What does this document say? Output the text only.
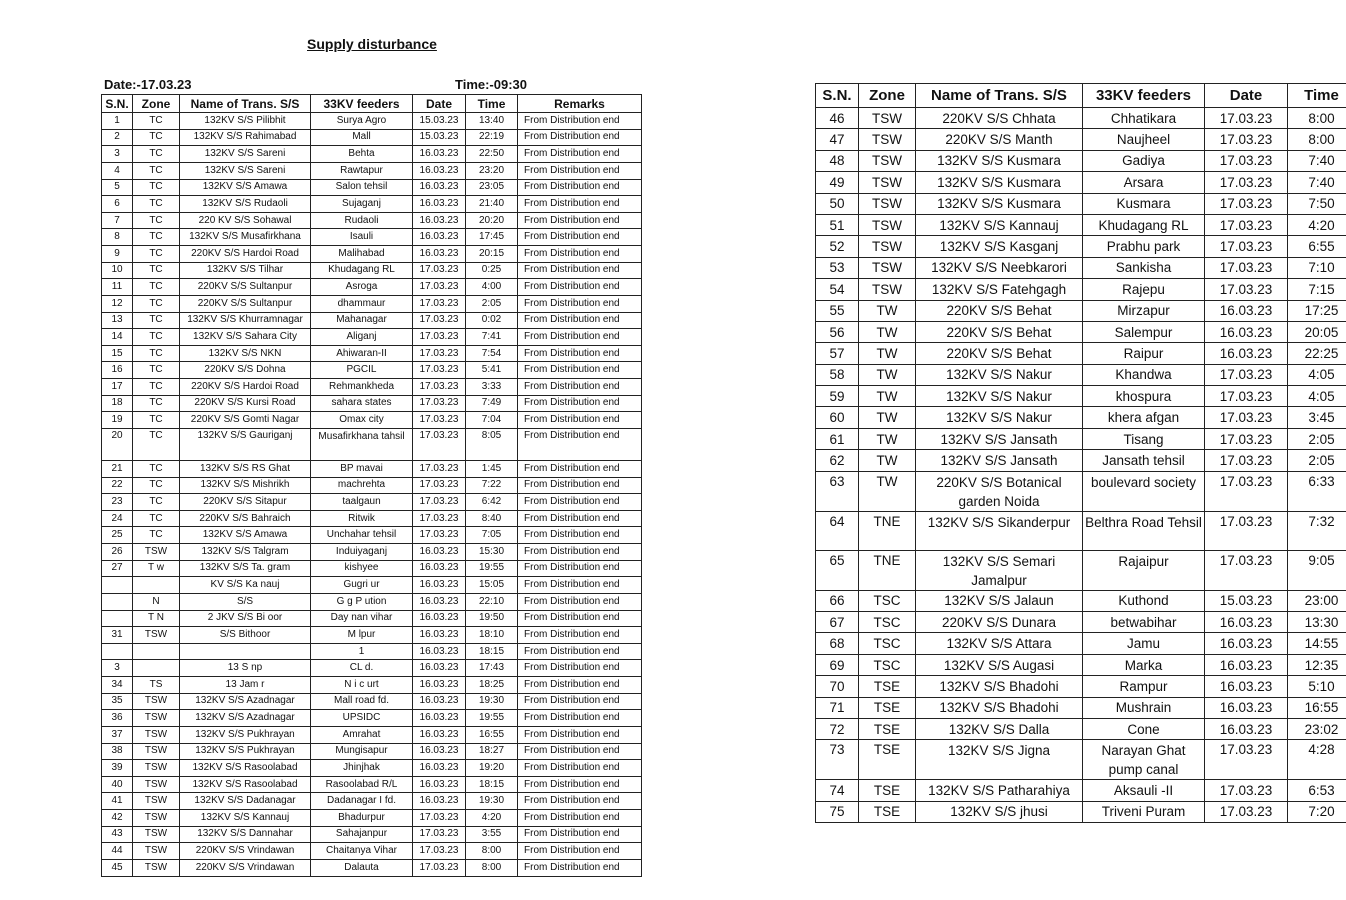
Supply disturbance
Date:-17.03.23	Time:-09:30
S.N.	Zone	Name of Trans. S/S	33KV feeders	Date	Time	Remarks
1	TC	132KV S/S Pilibhit	Surya Agro	15.03.23	13:40	From Distribution end
2	TC	132KV S/S Rahimabad	Mall	15.03.23	22:19	From Distribution end
3	TC	132KV S/S Sareni	Behta	16.03.23	22:50	From Distribution end
4	TC	132KV S/S Sareni	Rawtapur	16.03.23	23:20	From Distribution end
5	TC	132KV S/S Amawa	Salon tehsil	16.03.23	23:05	From Distribution end
6	TC	132KV S/S Rudaoli	Sujaganj	16.03.23	21:40	From Distribution end
7	TC	220 KV S/S Sohawal	Rudaoli	16.03.23	20:20	From Distribution end
8	TC	132KV S/S Musafirkhana	Isauli	16.03.23	17:45	From Distribution end
9	TC	220KV S/S Hardoi Road	Malihabad	16.03.23	20:15	From Distribution end
10	TC	132KV S/S Tilhar	Khudagang RL	17.03.23	0:25	From Distribution end
11	TC	220KV S/S Sultanpur	Asroga	17.03.23	4:00	From Distribution end
12	TC	220KV S/S Sultanpur	dhammaur	17.03.23	2:05	From Distribution end
13	TC	132KV S/S Khurramnagar	Mahanagar	17.03.23	0:02	From Distribution end
14	TC	132KV S/S Sahara City	Aliganj	17.03.23	7:41	From Distribution end
15	TC	132KV S/S NKN	Ahiwaran-II	17.03.23	7:54	From Distribution end
16	TC	220KV S/S Dohna	PGCIL	17.03.23	5:41	From Distribution end
17	TC	220KV S/S Hardoi Road	Rehmankheda	17.03.23	3:33	From Distribution end
18	TC	220KV S/S Kursi Road	sahara states	17.03.23	7:49	From Distribution end
19	TC	220KV S/S Gomti Nagar	Omax city	17.03.23	7:04	From Distribution end
20	TC	132KV S/S Gauriganj	Musafirkhana tahsil	17.03.23	8:05	From Distribution end
21	TC	132KV S/S RS Ghat	BP mavai	17.03.23	1:45	From Distribution end
22	TC	132KV S/S Mishrikh	machrehta	17.03.23	7:22	From Distribution end
23	TC	220KV S/S Sitapur	taalgaun	17.03.23	6:42	From Distribution end
24	TC	220KV S/S Bahraich	Ritwik	17.03.23	8:40	From Distribution end
25	TC	132KV S/S Amawa	Unchahar tehsil	17.03.23	7:05	From Distribution end
26	TSW	132KV S/S Talgram	Induiyaganj	16.03.23	15:30	From Distribution end
27	T w	132KV S/S Ta. gram	kishyee	16.03.23	19:55	From Distribution end
		KV S/S Ka nauj	Gugri ur	16.03.23	15:05	From Distribution end
	N	S/S	G g P ution	16.03.23	22:10	From Distribution end
	T N	2 JKV S/S Bi oor	Day nan vihar	16.03.23	19:50	From Distribution end
31	TSW	S/S Bithoor	M lpur	16.03.23	18:10	From Distribution end
			1	16.03.23	18:15	From Distribution end
3		13 S np	CL d.	16.03.23	17:43	From Distribution end
34	TS	13 Jam r	N i c urt	16.03.23	18:25	From Distribution end
35	TSW	132KV S/S Azadnagar	Mall road fd.	16.03.23	19:30	From Distribution end
36	TSW	132KV S/S Azadnagar	UPSIDC	16.03.23	19:55	From Distribution end
37	TSW	132KV S/S Pukhrayan	Amrahat	16.03.23	16:55	From Distribution end
38	TSW	132KV S/S Pukhrayan	Mungisapur	16.03.23	18:27	From Distribution end
39	TSW	132KV S/S Rasoolabad	Jhinjhak	16.03.23	19:20	From Distribution end
40	TSW	132KV S/S Rasoolabad	Rasoolabad R/L	16.03.23	18:15	From Distribution end
41	TSW	132KV S/S Dadanagar	Dadanagar I fd.	16.03.23	19:30	From Distribution end
42	TSW	132KV S/S Kannauj	Bhadurpur	17.03.23	4:20	From Distribution end
43	TSW	132KV S/S Dannahar	Sahajanpur	17.03.23	3:55	From Distribution end
44	TSW	220KV S/S Vrindawan	Chaitanya Vihar	17.03.23	8:00	From Distribution end
45	TSW	220KV S/S Vrindawan	Dalauta	17.03.23	8:00	From Distribution end
S.N.	Zone	Name of Trans. S/S	33KV feeders	Date	Time
46	TSW	220KV S/S Chhata	Chhatikara	17.03.23	8:00
47	TSW	220KV S/S Manth	Naujheel	17.03.23	8:00
48	TSW	132KV S/S Kusmara	Gadiya	17.03.23	7:40
49	TSW	132KV S/S Kusmara	Arsara	17.03.23	7:40
50	TSW	132KV S/S Kusmara	Kusmara	17.03.23	7:50
51	TSW	132KV S/S Kannauj	Khudagang RL	17.03.23	4:20
52	TSW	132KV S/S Kasganj	Prabhu park	17.03.23	6:55
53	TSW	132KV S/S Neebkarori	Sankisha	17.03.23	7:10
54	TSW	132KV S/S Fatehgagh	Rajepu	17.03.23	7:15
55	TW	220KV S/S Behat	Mirzapur	16.03.23	17:25
56	TW	220KV S/S Behat	Salempur	16.03.23	20:05
57	TW	220KV S/S Behat	Raipur	16.03.23	22:25
58	TW	132KV S/S Nakur	Khandwa	17.03.23	4:05
59	TW	132KV S/S Nakur	khospura	17.03.23	4:05
60	TW	132KV S/S Nakur	khera afgan	17.03.23	3:45
61	TW	132KV S/S Jansath	Tisang	17.03.23	2:05
62	TW	132KV S/S Jansath	Jansath tehsil	17.03.23	2:05
63	TW	220KV S/S Botanical garden Noida	boulevard society	17.03.23	6:33
64	TNE	132KV S/S Sikanderpur	Belthra Road Tehsil	17.03.23	7:32
65	TNE	132KV S/S Semari Jamalpur	Rajaipur	17.03.23	9:05
66	TSC	132KV S/S Jalaun	Kuthond	15.03.23	23:00
67	TSC	220KV S/S Dunara	betwabihar	16.03.23	13:30
68	TSC	132KV S/S Attara	Jamu	16.03.23	14:55
69	TSC	132KV S/S Augasi	Marka	16.03.23	12:35
70	TSE	132KV S/S Bhadohi	Rampur	16.03.23	5:10
71	TSE	132KV S/S Bhadohi	Mushrain	16.03.23	16:55
72	TSE	132KV S/S Dalla	Cone	16.03.23	23:02
73	TSE	132KV S/S Jigna	Narayan Ghat pump canal	17.03.23	4:28
74	TSE	132KV S/S Patharahiya	Aksauli -II	17.03.23	6:53
75	TSE	132KV S/S jhusi	Triveni Puram	17.03.23	7:20
